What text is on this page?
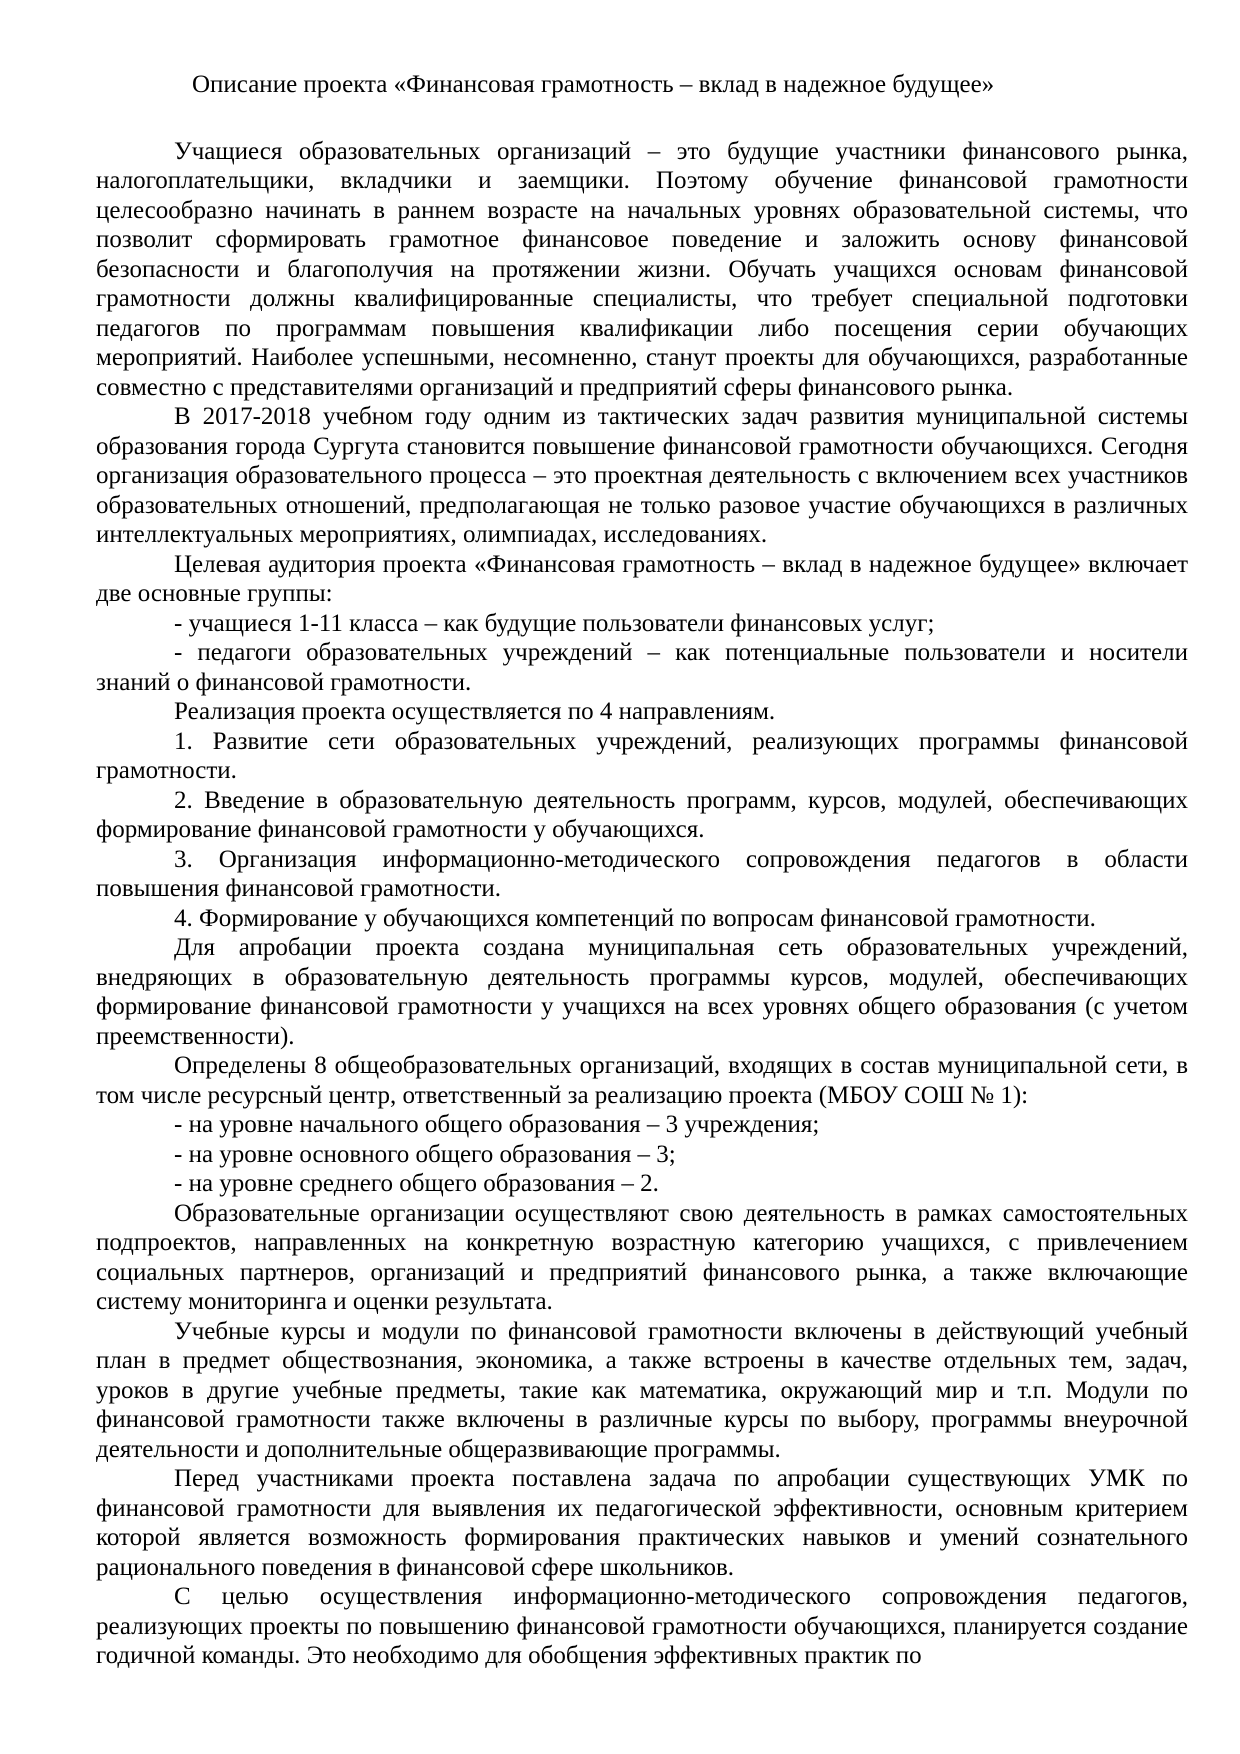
Описание проекта «Финансовая грамотность – вклад в надежное будущее»

Учащиеся образовательных организаций – это будущие участники финансового рынка, налогоплательщики, вкладчики и заемщики. Поэтому обучение финансовой грамотности целесообразно начинать в раннем возрасте на начальных уровнях образовательной системы, что позволит сформировать грамотное финансовое поведение и заложить основу финансовой безопасности и благополучия на протяжении жизни. Обучать учащихся основам финансовой грамотности должны квалифицированные специалисты, что требует специальной подготовки педагогов по программам повышения квалификации либо посещения серии обучающих мероприятий. Наиболее успешными, несомненно, станут проекты для обучающихся, разработанные совместно с представителями организаций и предприятий сферы финансового рынка.

В 2017-2018 учебном году одним из тактических задач развития муниципальной системы образования города Сургута становится повышение финансовой грамотности обучающихся. Сегодня организация образовательного процесса – это проектная деятельность с включением всех участников образовательных отношений, предполагающая не только разовое участие обучающихся в различных интеллектуальных мероприятиях, олимпиадах, исследованиях.

Целевая аудитория проекта «Финансовая грамотность – вклад в надежное будущее» включает две основные группы:

- учащиеся 1-11 класса – как будущие пользователи финансовых услуг;

- педагоги образовательных учреждений – как потенциальные пользователи и носители знаний о финансовой грамотности.

Реализация проекта осуществляется по 4 направлениям.

1. Развитие сети образовательных учреждений, реализующих программы финансовой грамотности.

2. Введение в образовательную деятельность программ, курсов, модулей, обеспечивающих формирование финансовой грамотности у обучающихся.

3. Организация информационно-методического сопровождения педагогов в области повышения финансовой грамотности.

4. Формирование у обучающихся компетенций по вопросам финансовой грамотности.

Для апробации проекта создана муниципальная сеть образовательных учреждений, внедряющих в образовательную деятельность программы курсов, модулей, обеспечивающих формирование финансовой грамотности у учащихся на всех уровнях общего образования (с учетом преемственности).

Определены 8 общеобразовательных организаций, входящих в состав муниципальной сети, в том числе ресурсный центр, ответственный за реализацию проекта (МБОУ СОШ № 1):

- на уровне начального общего образования – 3 учреждения;

- на уровне основного общего образования – 3;

- на уровне среднего общего образования – 2.

Образовательные организации осуществляют свою деятельность в рамках самостоятельных подпроектов, направленных на конкретную возрастную категорию учащихся, с привлечением социальных партнеров, организаций и предприятий финансового рынка, а также включающие систему мониторинга и оценки результата.

Учебные курсы и модули по финансовой грамотности включены в действующий учебный план в предмет обществознания, экономика, а также встроены в качестве отдельных тем, задач, уроков в другие учебные предметы, такие как математика, окружающий мир и т.п. Модули по финансовой грамотности также включены в различные курсы по выбору, программы внеурочной деятельности и дополнительные общеразвивающие программы.

Перед участниками проекта поставлена задача по апробации существующих УМК по финансовой грамотности для выявления их педагогической эффективности, основным критерием которой является возможность формирования практических навыков и умений сознательного рационального поведения в финансовой сфере школьников.

С целью осуществления информационно-методического сопровождения педагогов, реализующих проекты по повышению финансовой грамотности обучающихся, планируется создание годичной команды. Это необходимо для обобщения эффективных практик по
